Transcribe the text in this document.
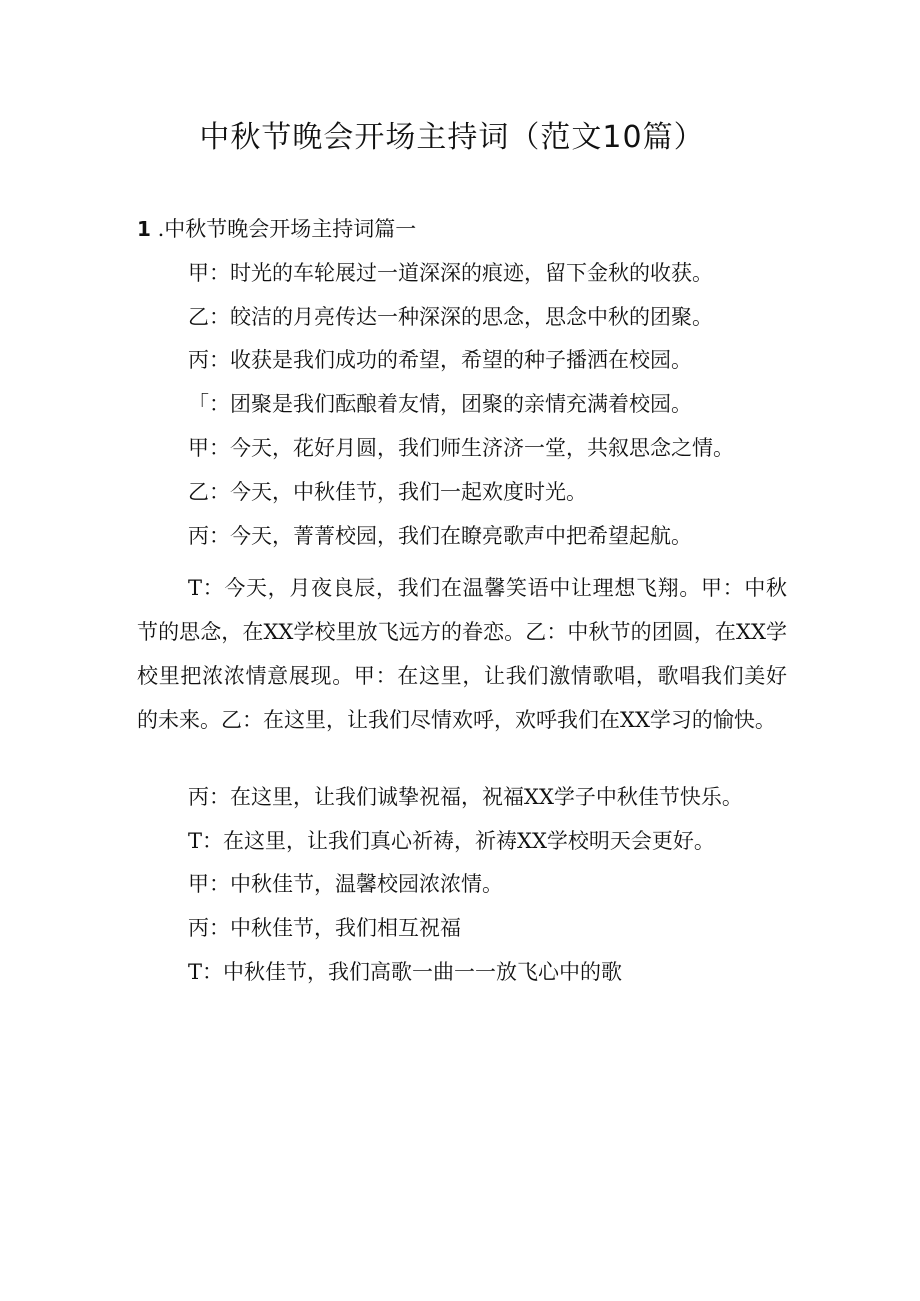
中秋节晚会开场主持词（范文10篇）
1 .中秋节晚会开场主持词篇一
甲：时光的车轮展过一道深深的痕迹，留下金秋的收获。
乙：皎洁的月亮传达一种深深的思念，思念中秋的团聚。
丙：收获是我们成功的希望，希望的种子播洒在校园。
「：团聚是我们酝酿着友情，团聚的亲情充满着校园。
甲：今天，花好月圆，我们师生济济一堂，共叙思念之情。
乙：今天，中秋佳节，我们一起欢度时光。
丙：今天，菁菁校园，我们在瞭亮歌声中把希望起航。
T：今天，月夜良辰，我们在温馨笑语中让理想飞翔。甲：中秋节的思念，在XX学校里放飞远方的眷恋。乙：中秋节的团圆，在XX学校里把浓浓情意展现。甲：在这里，让我们激情歌唱，歌唱我们美好的未来。乙：在这里，让我们尽情欢呼，欢呼我们在XX学习的愉快。
丙：在这里，让我们诚挚祝福，祝福XX学子中秋佳节快乐。
T：在这里，让我们真心祈祷，祈祷XX学校明天会更好。
甲：中秋佳节，温馨校园浓浓情。
丙：中秋佳节，我们相互祝福
T：中秋佳节，我们高歌一曲一一放飞心中的歌
